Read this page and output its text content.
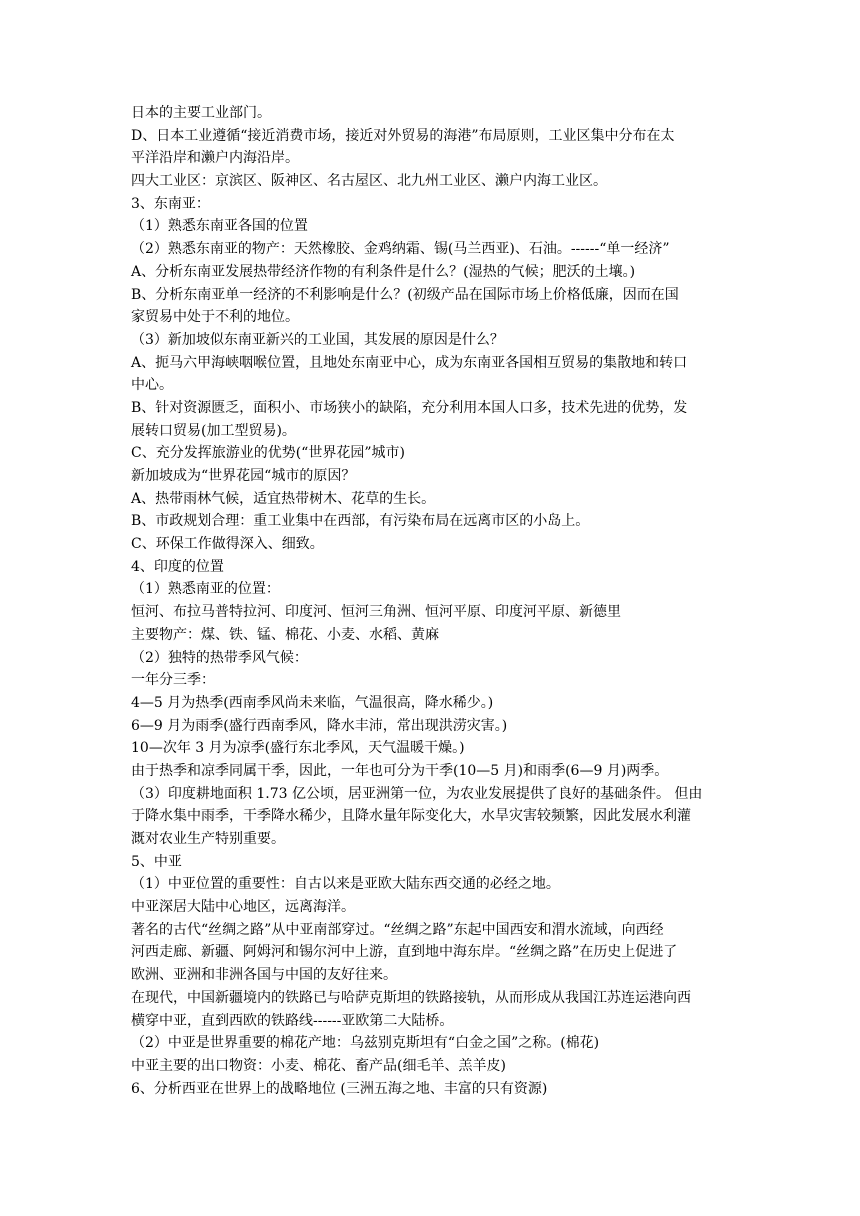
日本的主要工业部门。
D、日本工业遵循“接近消费市场，接近对外贸易的海港”布局原则，工业区集中分布在太
平洋沿岸和濑户内海沿岸。
四大工业区：京滨区、阪神区、名古屋区、北九州工业区、濑户内海工业区。
3、东南亚：
（1）熟悉东南亚各国的位置
（2）熟悉东南亚的物产：天然橡胶、金鸡纳霜、锡(马兰西亚)、石油。------“单一经济”
A、分析东南亚发展热带经济作物的有利条件是什么？(湿热的气候；肥沃的土壤。)
B、分析东南亚单一经济的不利影响是什么？(初级产品在国际市场上价格低廉，因而在国
家贸易中处于不利的地位。
（3）新加坡似东南亚新兴的工业国，其发展的原因是什么？
A、扼马六甲海峡咽喉位置，且地处东南亚中心，成为东南亚各国相互贸易的集散地和转口
中心。
B、针对资源匮乏，面积小、市场狭小的缺陷，充分利用本国人口多，技术先进的优势，发
展转口贸易(加工型贸易)。
C、充分发挥旅游业的优势(“世界花园”城市)
新加坡成为“世界花园“城市的原因？
A、热带雨林气候，适宜热带树木、花草的生长。
B、市政规划合理：重工业集中在西部，有污染布局在远离市区的小岛上。
C、环保工作做得深入、细致。
4、印度的位置
（1）熟悉南亚的位置：
恒河、布拉马普特拉河、印度河、恒河三角洲、恒河平原、印度河平原、新德里
主要物产：煤、铁、锰、棉花、小麦、水稻、黄麻
（2）独特的热带季风气候：
一年分三季：
4—5 月为热季(西南季风尚未来临，气温很高，降水稀少。)
6—9 月为雨季(盛行西南季风，降水丰沛，常出现洪涝灾害。)
10—次年 3 月为凉季(盛行东北季风，天气温暖干燥。)
由于热季和凉季同属干季，因此，一年也可分为干季(10—5 月)和雨季(6—9 月)两季。
（3）印度耕地面积 1.73 亿公顷，居亚洲第一位，为农业发展提供了良好的基础条件。 但由
于降水集中雨季，干季降水稀少，且降水量年际变化大，水旱灾害较频繁，因此发展水利灌
溉对农业生产特别重要。
5、中亚
（1）中亚位置的重要性：自古以来是亚欧大陆东西交通的必经之地。
中亚深居大陆中心地区，远离海洋。
著名的古代“丝绸之路”从中亚南部穿过。“丝绸之路”东起中国西安和渭水流域，向西经
河西走廊、新疆、阿姆河和锡尔河中上游，直到地中海东岸。“丝绸之路”在历史上促进了
欧洲、亚洲和非洲各国与中国的友好往来。
在现代，中国新疆境内的铁路已与哈萨克斯坦的铁路接轨，从而形成从我国江苏连运港向西
横穿中亚，直到西欧的铁路线------亚欧第二大陆桥。
（2）中亚是世界重要的棉花产地：乌兹别克斯坦有“白金之国”之称。(棉花)
中亚主要的出口物资：小麦、棉花、畜产品(细毛羊、羔羊皮)
6、分析西亚在世界上的战略地位 (三洲五海之地、丰富的只有资源)
